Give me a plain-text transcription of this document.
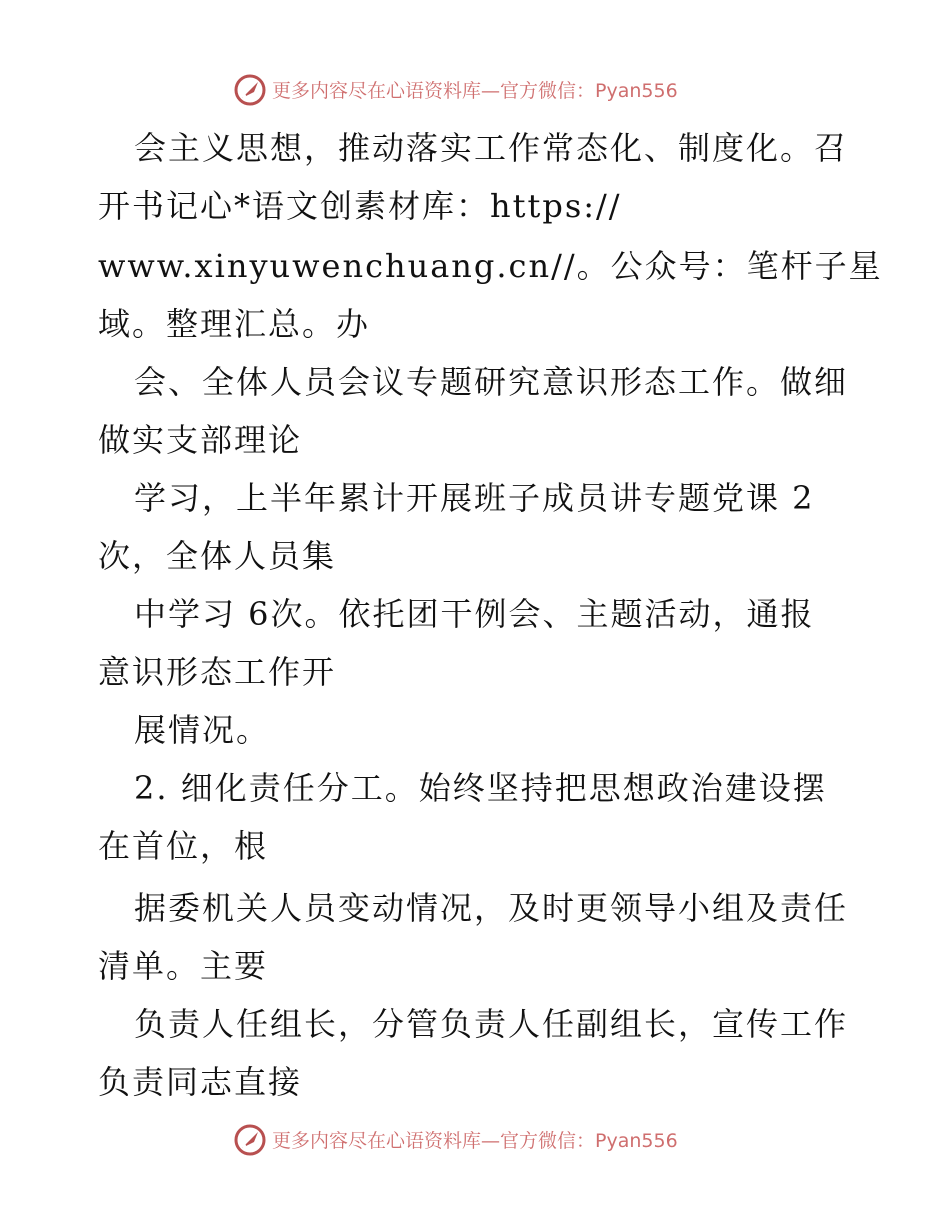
更多内容尽在心语资料库—官方微信：Pyan556
会主义思想，推动落实工作常态化、制度化。召
开书记心*语文创素材库：https://
www.xinyuwenchuang.cn//。公众号：笔杆子星
域。整理汇总。办
会、全体人员会议专题研究意识形态工作。做细
做实支部理论
学习，上半年累计开展班子成员讲专题党课 2
次，全体人员集
中学习 6次。依托团干例会、主题活动，通报
意识形态工作开
展情况。
2. 细化责任分工。始终坚持把思想政治建设摆
在首位，根
据委机关人员变动情况，及时更领导小组及责任
清单。主要
负责人任组长，分管负责人任副组长，宣传工作
负责同志直接
更多内容尽在心语资料库—官方微信：Pyan556
